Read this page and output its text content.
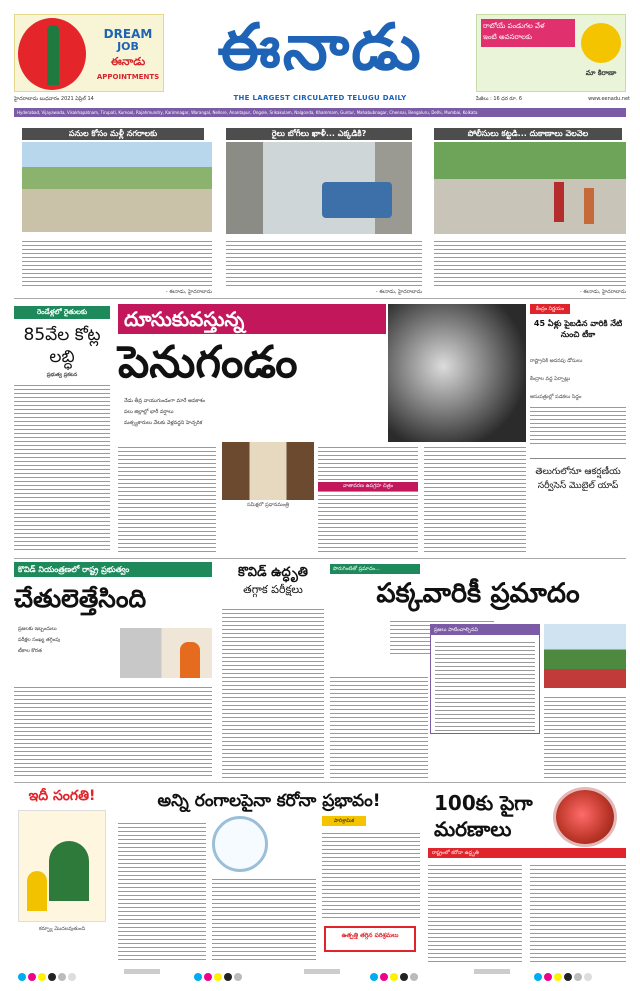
DREAM
JOB
ఈనాడు
APPOINTMENTS ఈనాడు	రాబోయే పండుగల వేళ
ఇంటి అవసరాలకు
మా కిరాణా
THE LARGEST CIRCULATED TELUGU DAILY
హైదరాబాదు బుధవారం 2021 ఏప్రిల్ 14	పేజీలు : 16 ధర రూ. 6	www.eenadu.net
Hyderabad, Vijayawada, Visakhapatnam, Tirupati, Kurnool, Rajahmundry, Karimnagar, Warangal, Nellore, Anantapur, Ongole, Srikakulam, Nalgonda, Khammam, Guntur, Mahabubnagar, Chennai, Bengaluru, Delhi, Mumbai, Kolkata
పనుల కోసం మళ్లీ నగరాలకు
- ఈనాడు, హైదరాబాదు
రైలు బోగీలు ఖాళీ... ఎక్కడికి?
- ఈనాడు, హైదరాబాదు
పోలీసులు కట్టడి... దుకాణాలు వెలవెల
- ఈనాడు, హైదరాబాదు
రెండేళ్లలో రైతులకు
85వేల కోట్ల లబ్ధి
ప్రభుత్వ ప్రకటన
దూసుకువస్తున్న
పెనుగండం
నేడు తీవ్ర వాయుగుండంగా మారే అవకాశం
పలు జిల్లాల్లో భారీ వర్షాలు
మత్స్యకారులు వేటకు వెళ్లవద్దని హెచ్చరిక
సమీక్షలో ప్రధానమంత్రి
వాతావరణ ఉపగ్రహ చిత్రం
కేంద్రం నిర్ణయం
45 ఏళ్లు పైబడిన వారికి నేటి నుంచి టీకా
రాష్ట్రానికి అదనపు డోసులు
కేంద్రాల వద్ద ఏర్పాట్లు
ఆసుపత్రుల్లో పడకలు సిద్ధం
తెలుగులోనూ ఆకర్షణీయ సర్వీసెస్ మొబైల్ యాప్
కొవిడ్ నియంత్రణలో రాష్ట్ర ప్రభుత్వం
చేతులెత్తేసింది
ప్రజలకు ఇబ్బందులు
పరీక్షల సంఖ్య తగ్గింపు
టీకాల కొరత
కొవిడ్ ఉద్ధృతి
తగ్గాక పరీక్షలు
పొరుగింటితో ప్రమాదం...
పక్కవారికీ ప్రమాదం
ప్రజలు పాటించాల్సినవి
ఇదీ సంగతి!
కర్ఫ్యూ మొదలవుతుంది
అన్ని రంగాలపైనా కరోనా ప్రభావం!
పారిశ్రామిక
ఉత్పత్తి తగ్గిన పరిశ్రమలు
100కు పైగా
మరణాలు
రాష్ట్రంలో కరోనా ఉద్ధృతి
